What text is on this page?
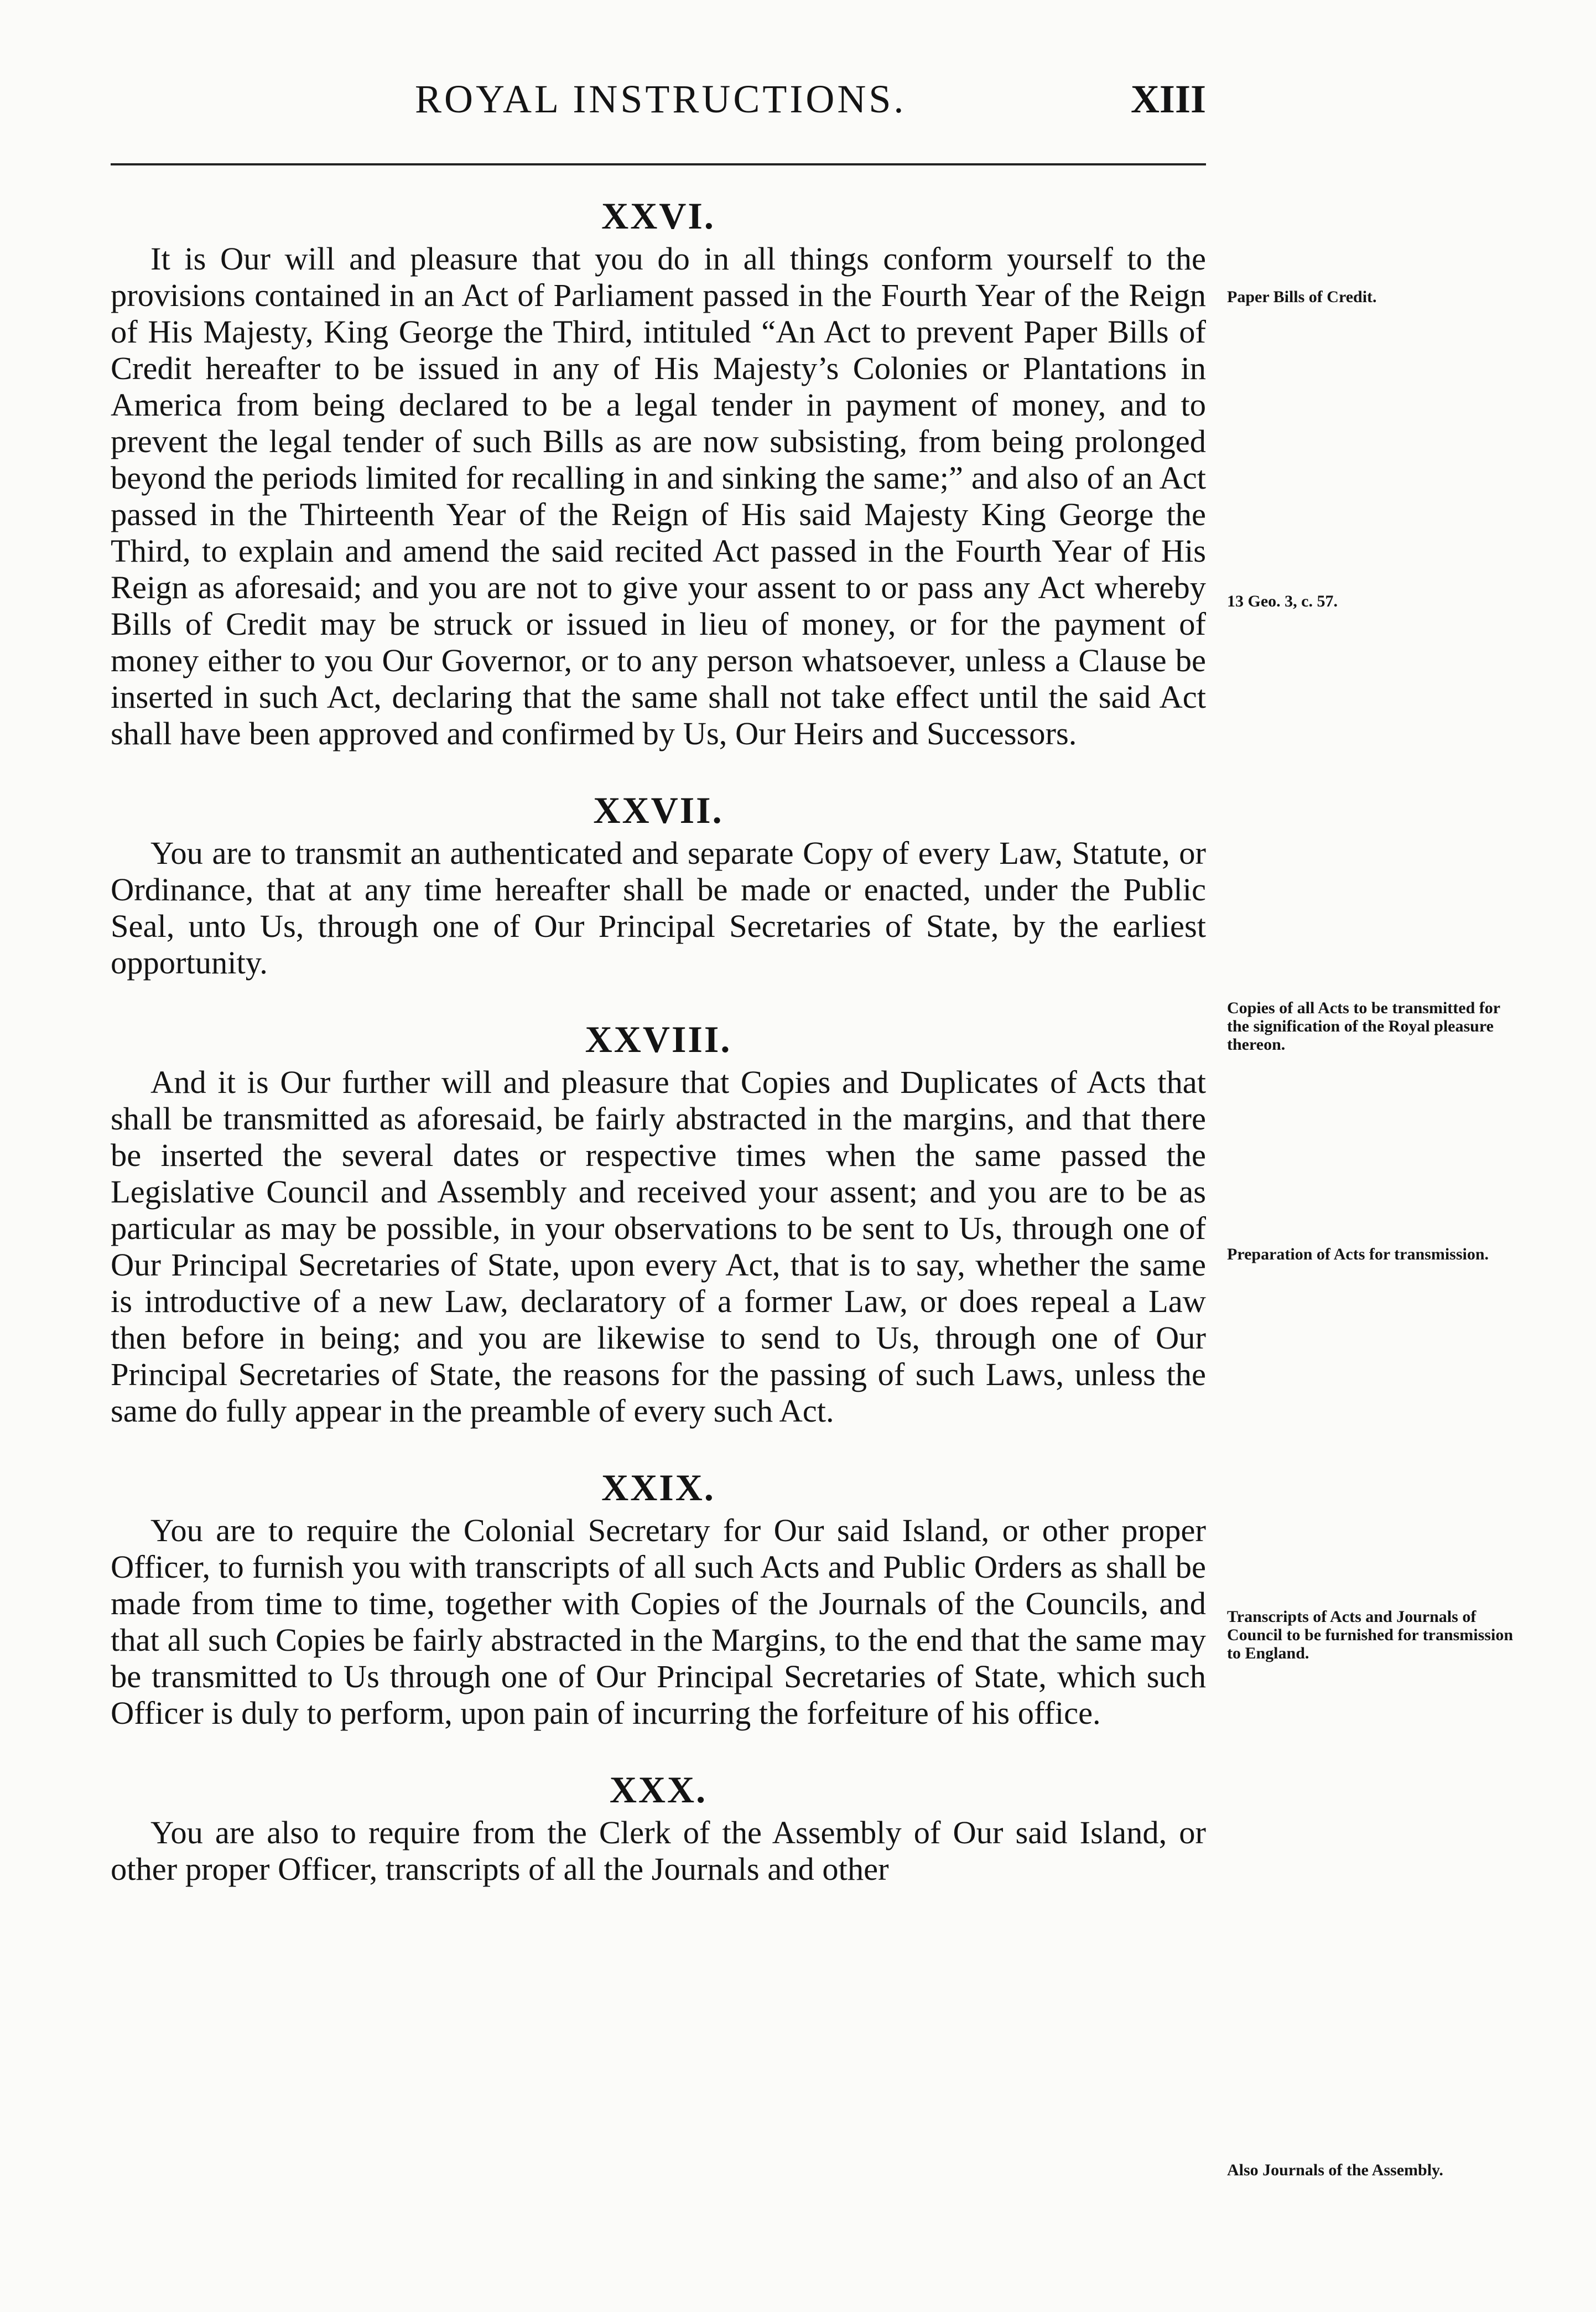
ROYAL INSTRUCTIONS.	XIII
XXVI.

It is Our will and pleasure that you do in all things conform yourself to the provisions contained in an Act of Parliament passed in the Fourth Year of the Reign of His Majesty, King George the Third, intituled “An Act to prevent Paper Bills of Credit hereafter to be issued in any of His Majesty’s Colonies or Plantations in America from being declared to be a legal tender in payment of money, and to prevent the legal tender of such Bills as are now subsisting, from being prolonged beyond the periods limited for recalling in and sinking the same;” and also of an Act passed in the Thirteenth Year of the Reign of His said Majesty King George the Third, to explain and amend the said recited Act passed in the Fourth Year of His Reign as aforesaid; and you are not to give your assent to or pass any Act whereby Bills of Credit may be struck or issued in lieu of money, or for the payment of money either to you Our Governor, or to any person whatsoever, unless a Clause be inserted in such Act, declaring that the same shall not take effect until the said Act shall have been approved and confirmed by Us, Our Heirs and Successors.

XXVII.

You are to transmit an authenticated and separate Copy of every Law, Statute, or Ordinance, that at any time hereafter shall be made or enacted, under the Public Seal, unto Us, through one of Our Principal Secretaries of State, by the earliest opportunity.

XXVIII.

And it is Our further will and pleasure that Copies and Duplicates of Acts that shall be transmitted as aforesaid, be fairly abstracted in the margins, and that there be inserted the several dates or respective times when the same passed the Legislative Council and Assembly and received your assent; and you are to be as particular as may be possible, in your observations to be sent to Us, through one of Our Principal Secretaries of State, upon every Act, that is to say, whether the same is introductive of a new Law, declaratory of a former Law, or does repeal a Law then before in being; and you are likewise to send to Us, through one of Our Principal Secretaries of State, the reasons for the passing of such Laws, unless the same do fully appear in the preamble of every such Act.

XXIX.

You are to require the Colonial Secretary for Our said Island, or other proper Officer, to furnish you with transcripts of all such Acts and Public Orders as shall be made from time to time, together with Copies of the Journals of the Councils, and that all such Copies be fairly abstracted in the Margins, to the end that the same may be transmitted to Us through one of Our Principal Secretaries of State, which such Officer is duly to perform, upon pain of incurring the forfeiture of his office.

XXX.

You are also to require from the Clerk of the Assembly of Our said Island, or other proper Officer, transcripts of all the Journals and other

Paper Bills of Credit.
13 Geo. 3, c. 57.
Copies of all Acts to be transmitted for the signification of the Royal pleasure thereon.
Preparation of Acts for transmission.
Transcripts of Acts and Journals of Council to be furnished for transmission to England.
Also Journals of the Assembly.
